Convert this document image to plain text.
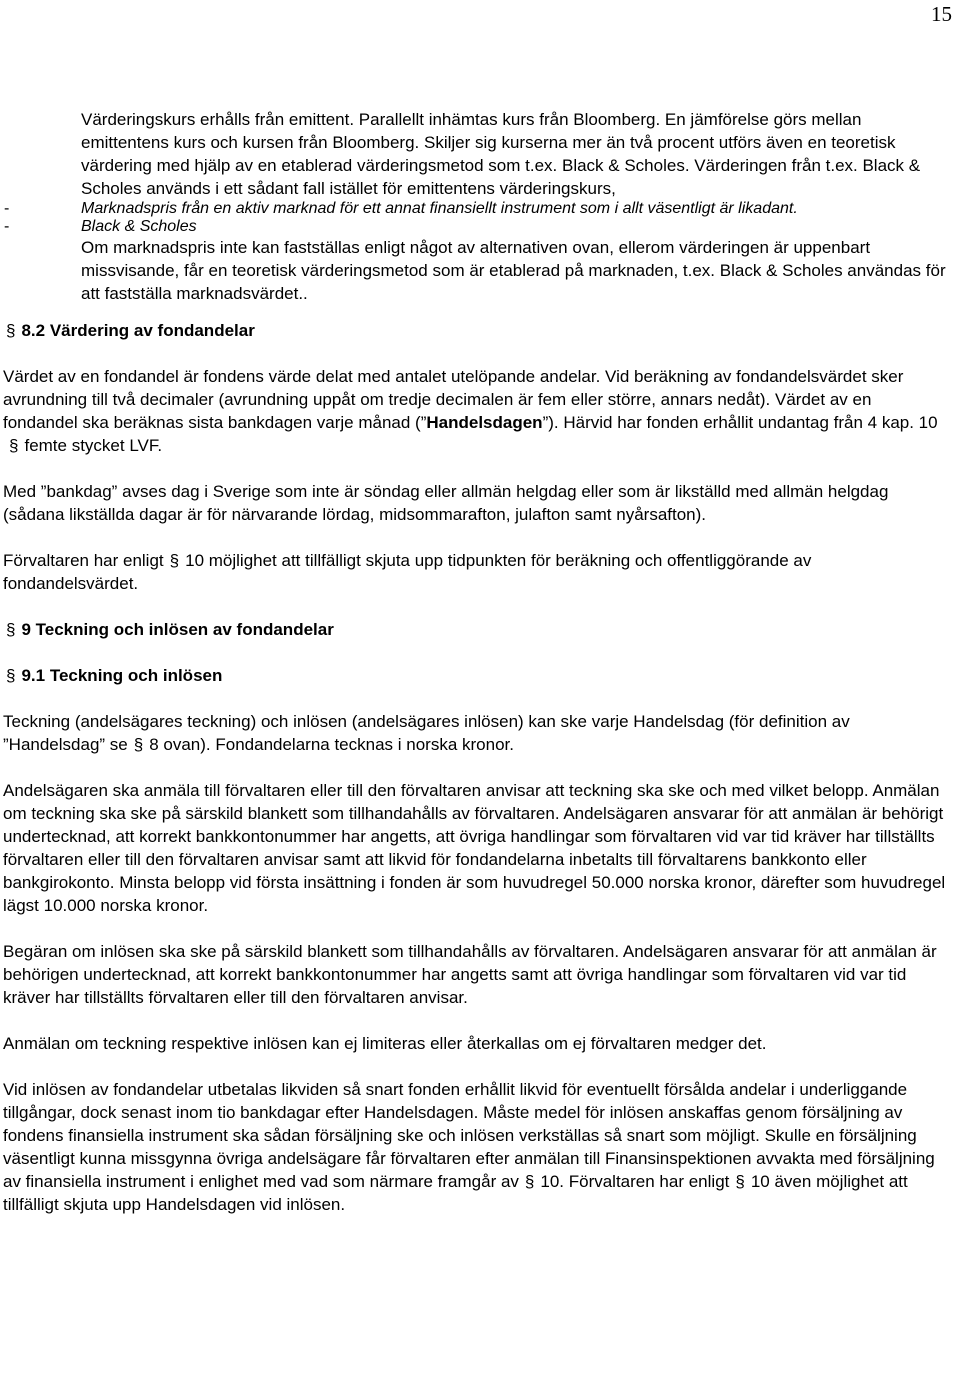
15

Värderingskurs erhålls från emittent. Parallellt inhämtas kurs från Bloomberg. En jämförelse görs mellan emittentens kurs och kursen från Bloomberg. Skiljer sig kurserna mer än två procent utförs även en teoretisk värdering med hjälp av en etablerad värderingsmetod som t.ex. Black & Scholes. Värderingen från t.ex. Black & Scholes används i ett sådant fall istället för emittentens värderingskurs,

-	Marknadspris från en aktiv marknad för ett annat finansiellt instrument som i allt väsentligt är likadant.
-	Black & Scholes

Om marknadspris inte kan fastställas enligt något av alternativen ovan, ellerom värderingen är uppenbart missvisande, får en teoretisk värderingsmetod som är etablerad på marknaden, t.ex. Black & Scholes användas för att fastställa marknadsvärdet..

§ 8.2 Värdering av fondandelar

Värdet av en fondandel är fondens värde delat med antalet utelöpande andelar. Vid beräkning av fondandelsvärdet sker avrundning till två decimaler (avrundning uppåt om tredje decimalen är fem eller större, annars nedåt). Värdet av en fondandel ska beräknas sista bankdagen varje månad (”Handelsdagen”). Härvid har fonden erhållit undantag från 4 kap. 10§ femte stycket LVF.

Med ”bankdag” avses dag i Sverige som inte är söndag eller allmän helgdag eller som är likställd med allmän helgdag (sådana likställda dagar är för närvarande lördag, midsommarafton, julafton samt nyårsafton).

Förvaltaren har enligt § 10 möjlighet att tillfälligt skjuta upp tidpunkten för beräkning och offentliggörande av fondandelsvärdet.

§ 9 Teckning och inlösen av fondandelar
§ 9.1 Teckning och inlösen

Teckning (andelsägares teckning) och inlösen (andelsägares inlösen) kan ske varje Handelsdag (för definition av ”Handelsdag” se § 8 ovan). Fondandelarna tecknas i norska kronor.

Andelsägaren ska anmäla till förvaltaren eller till den förvaltaren anvisar att teckning ska ske och med vilket belopp. Anmälan om teckning ska ske på särskild blankett som tillhandahålls av förvaltaren. Andelsägaren ansvarar för att anmälan är behörigt undertecknad, att korrekt bankkontonummer har angetts, att övriga handlingar som förvaltaren vid var tid kräver har tillställts förvaltaren eller till den förvaltaren anvisar samt att likvid för fondandelarna inbetalts till förvaltarens bankkonto eller bankgirokonto. Minsta belopp vid första insättning i fonden är som huvudregel 50.000 norska kronor, därefter som huvudregel lägst 10.000 norska kronor.

Begäran om inlösen ska ske på särskild blankett som tillhandahålls av förvaltaren. Andelsägaren ansvarar för att anmälan är behörigen undertecknad, att korrekt bankkontonummer har angetts samt att övriga handlingar som förvaltaren vid var tid kräver har tillställts förvaltaren eller till den förvaltaren anvisar.

Anmälan om teckning respektive inlösen kan ej limiteras eller återkallas om ej förvaltaren medger det.

Vid inlösen av fondandelar utbetalas likviden så snart fonden erhållit likvid för eventuellt försålda andelar i underliggande tillgångar, dock senast inom tio bankdagar efter Handelsdagen. Måste medel för inlösen anskaffas genom försäljning av fondens finansiella instrument ska sådan försäljning ske och inlösen verkställas så snart som möjligt. Skulle en försäljning väsentligt kunna missgynna övriga andelsägare får förvaltaren efter anmälan till Finansinspektionen avvakta med försäljning av finansiella instrument i enlighet med vad som närmare framgår av § 10. Förvaltaren har enligt § 10 även möjlighet att tillfälligt skjuta upp Handelsdagen vid inlösen.
